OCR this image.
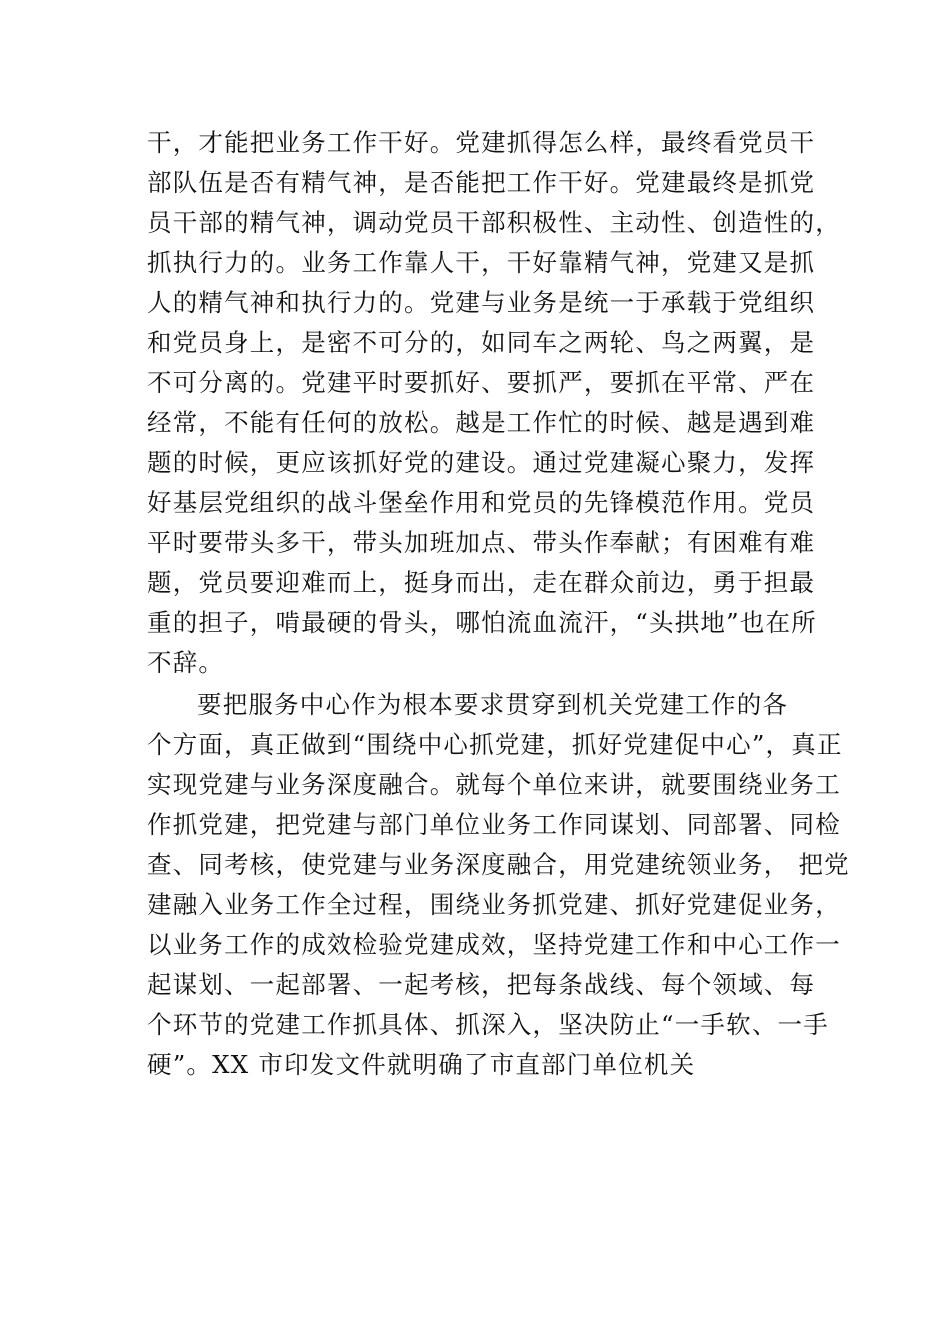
干，才能把业务工作干好。党建抓得怎么样，最终看党员干
部队伍是否有精气神，是否能把工作干好。党建最终是抓党
员干部的精气神，调动党员干部积极性、主动性、创造性的，
抓执行力的。业务工作靠人干，干好靠精气神，党建又是抓
人的精气神和执行力的。党建与业务是统一于承载于党组织
和党员身上，是密不可分的，如同车之两轮、鸟之两翼，是
不可分离的。党建平时要抓好、要抓严，要抓在平常、严在
经常，不能有任何的放松。越是工作忙的时候、越是遇到难
题的时候，更应该抓好党的建设。通过党建凝心聚力，发挥
好基层党组织的战斗堡垒作用和党员的先锋模范作用。党员
平时要带头多干，带头加班加点、带头作奉献；有困难有难
题，党员要迎难而上，挺身而出，走在群众前边，勇于担最
重的担子，啃最硬的骨头，哪怕流血流汗，“头拱地”也在所
不辞。
要把服务中心作为根本要求贯穿到机关党建工作的各
个方面，真正做到“围绕中心抓党建，抓好党建促中心”，真正
实现党建与业务深度融合。就每个单位来讲，就要围绕业务工
作抓党建，把党建与部门单位业务工作同谋划、同部署、同检
查、同考核，使党建与业务深度融合，用党建统领业务， 把党
建融入业务工作全过程，围绕业务抓党建、抓好党建促业务，
以业务工作的成效检验党建成效，坚持党建工作和中心工作一
起谋划、一起部署、一起考核，把每条战线、每个领域、每
个环节的党建工作抓具体、抓深入，坚决防止“一手软、一手
硬”。XX 市印发文件就明确了市直部门单位机关
